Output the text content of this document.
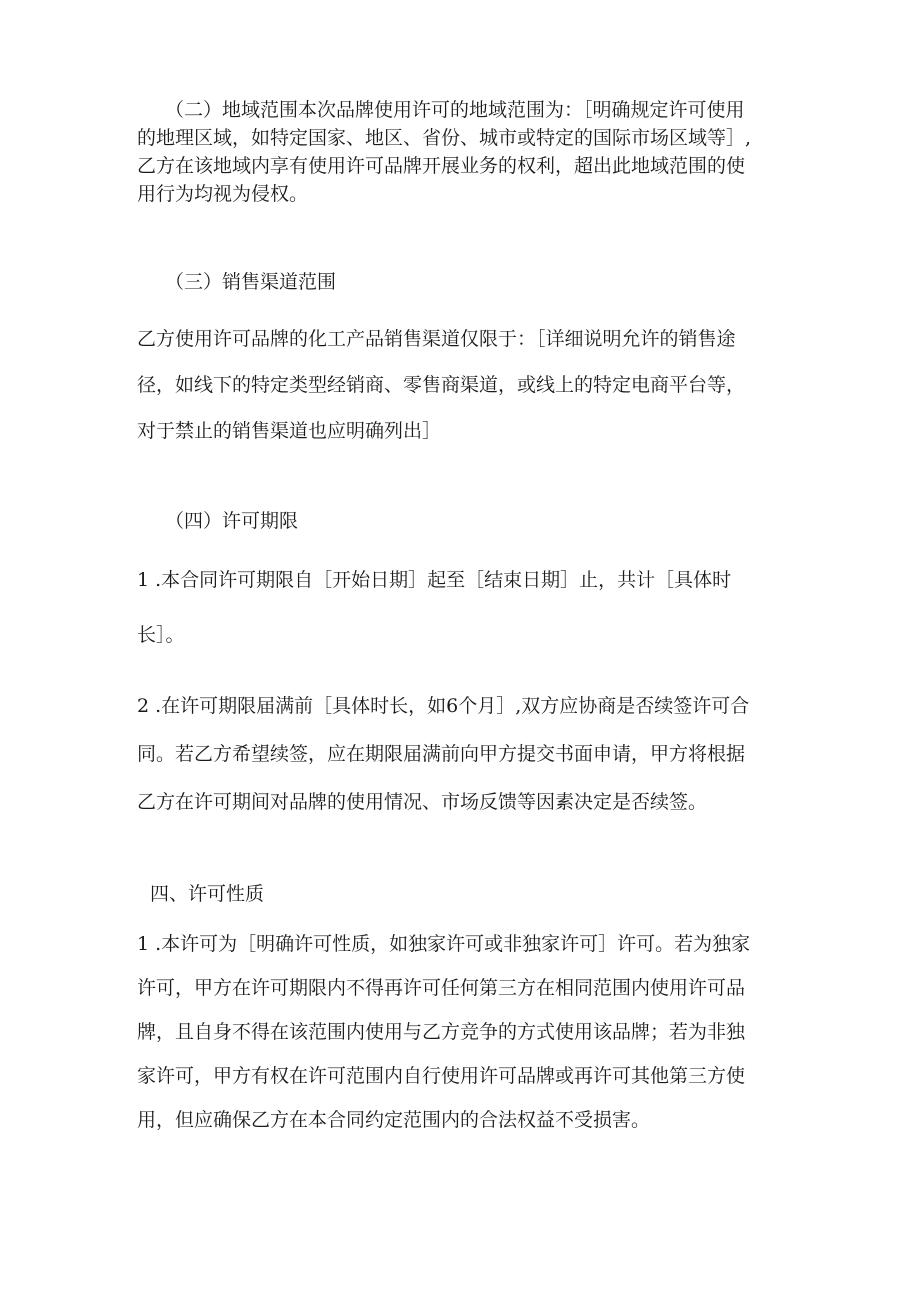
（二）地域范围本次品牌使用许可的地域范围为：［明确规定许可使用
的地理区域，如特定国家、地区、省份、城市或特定的国际市场区域等］,
乙方在该地域内享有使用许可品牌开展业务的权利，超出此地域范围的使
用行为均视为侵权。
（三）销售渠道范围
乙方使用许可品牌的化工产品销售渠道仅限于：［详细说明允许的销售途
径，如线下的特定类型经销商、零售商渠道，或线上的特定电商平台等，
对于禁止的销售渠道也应明确列出］
（四）许可期限
1 .本合同许可期限自［开始日期］起至［结束日期］止，共计［具体时
长］。
2 .在许可期限届满前［具体时长，如6个月］,双方应协商是否续签许可合
同。若乙方希望续签，应在期限届满前向甲方提交书面申请，甲方将根据
乙方在许可期间对品牌的使用情况、市场反馈等因素决定是否续签。
四、许可性质
1 .本许可为［明确许可性质，如独家许可或非独家许可］许可。若为独家
许可，甲方在许可期限内不得再许可任何第三方在相同范围内使用许可品
牌，且自身不得在该范围内使用与乙方竞争的方式使用该品牌；若为非独
家许可，甲方有权在许可范围内自行使用许可品牌或再许可其他第三方使
用，但应确保乙方在本合同约定范围内的合法权益不受损害。
